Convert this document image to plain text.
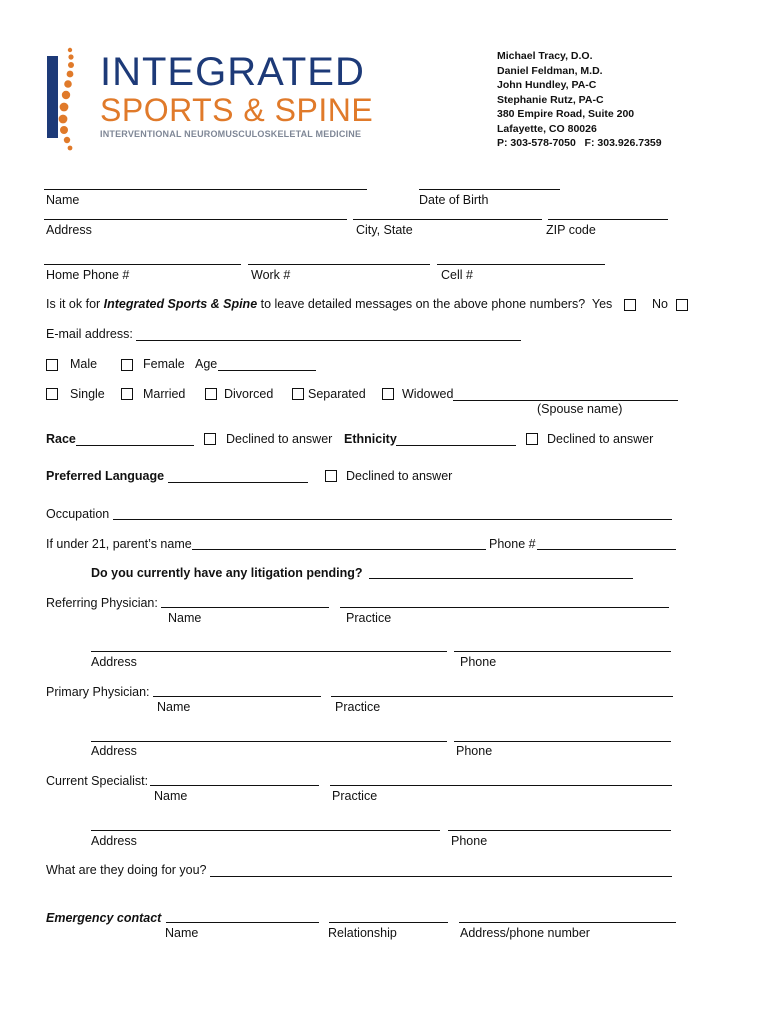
INTEGRATED
SPORTS & SPINE
INTERVENTIONAL NEUROMUSCULOSKELETAL MEDICINE
Michael Tracy, D.O.
Daniel Feldman, M.D.
John Hundley, PA-C
Stephanie Rutz, PA-C
380 Empire Road, Suite 200
Lafayette, CO 80026
P: 303-578-7050   F: 303.926.7359
Name	Date of Birth
Address	City, State	ZIP code
Home Phone #	Work #	Cell #
Is it ok for Integrated Sports & Spine to leave detailed messages on the above phone numbers?  Yes	No
E-mail address:
Male	Female Age
Single	Married	Divorced	Separated	Widowed
(Spouse name)
Race	Declined to answer Ethnicity	Declined to answer
Preferred Language	Declined to answer
Occupation
If under 21, parent’s name	Phone #
Do you currently have any litigation pending?
Referring Physician:
Name	Practice
Address	Phone
Primary Physician:
Name	Practice
Address	Phone
Current Specialist:
Name	Practice
Address	Phone
What are they doing for you?
Emergency contact
Name	Relationship	Address/phone number
